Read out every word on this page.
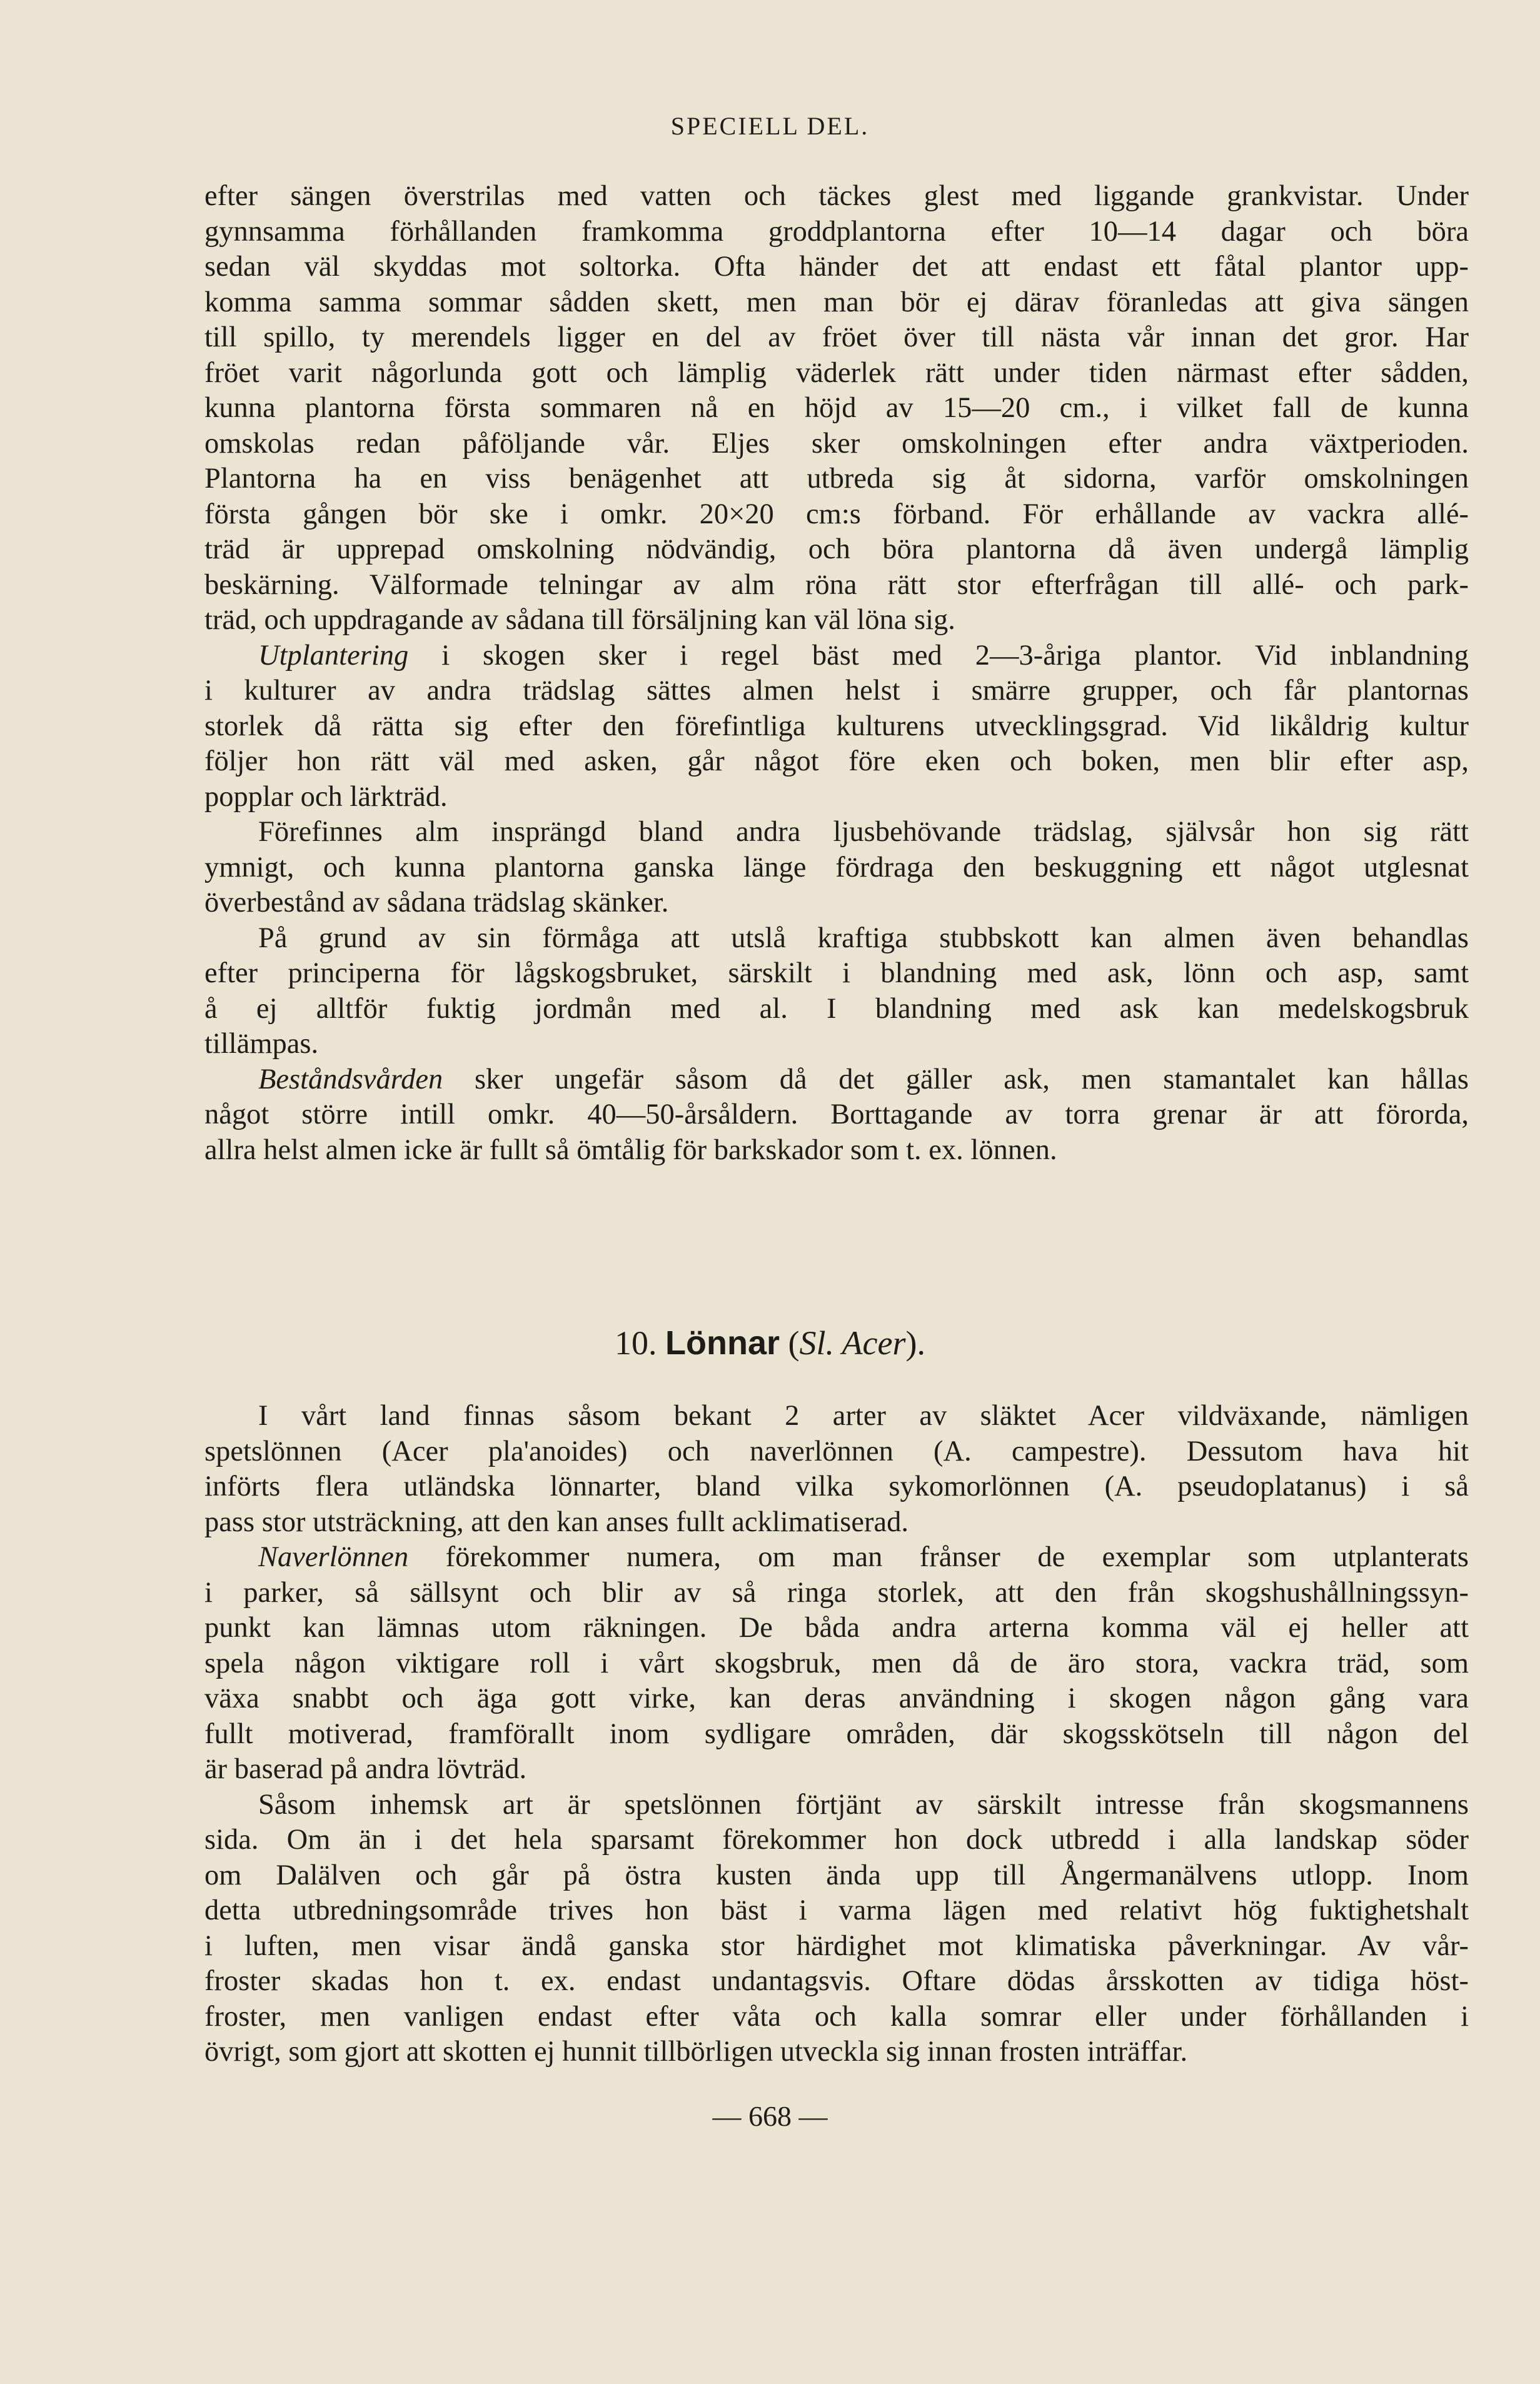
SPECIELL DEL.
efter sängen överstrilas med vatten och täckes glest med liggande grankvistar. Under
gynnsamma förhållanden framkomma groddplantorna efter 10—14 dagar och böra
sedan väl skyddas mot soltorka. Ofta händer det att endast ett fåtal plantor upp-
komma samma sommar sådden skett, men man bör ej därav föranledas att giva sängen
till spillo, ty merendels ligger en del av fröet över till nästa vår innan det gror. Har
fröet varit någorlunda gott och lämplig väderlek rätt under tiden närmast efter sådden,
kunna plantorna första sommaren nå en höjd av 15—20 cm., i vilket fall de kunna
omskolas redan påföljande vår. Eljes sker omskolningen efter andra växtperioden.
Plantorna ha en viss benägenhet att utbreda sig åt sidorna, varför omskolningen
första gången bör ske i omkr. 20×20 cm:s förband. För erhållande av vackra allé-
träd är upprepad omskolning nödvändig, och böra plantorna då även undergå lämplig
beskärning. Välformade telningar av alm röna rätt stor efterfrågan till allé- och park-
träd, och uppdragande av sådana till försäljning kan väl löna sig.
Utplantering i skogen sker i regel bäst med 2—3-åriga plantor. Vid inblandning
i kulturer av andra trädslag sättes almen helst i smärre grupper, och får plantornas
storlek då rätta sig efter den förefintliga kulturens utvecklingsgrad. Vid likåldrig kultur
följer hon rätt väl med asken, går något före eken och boken, men blir efter asp,
popplar och lärkträd.
Förefinnes alm insprängd bland andra ljusbehövande trädslag, självsår hon sig rätt
ymnigt, och kunna plantorna ganska länge fördraga den beskuggning ett något utglesnat
överbestånd av sådana trädslag skänker.
På grund av sin förmåga att utslå kraftiga stubbskott kan almen även behandlas
efter principerna för lågskogsbruket, särskilt i blandning med ask, lönn och asp, samt
å ej alltför fuktig jordmån med al. I blandning med ask kan medelskogsbruk
tillämpas.
Beståndsvården sker ungefär såsom då det gäller ask, men stamantalet kan hållas
något större intill omkr. 40—50-årsåldern. Borttagande av torra grenar är att förorda,
allra helst almen icke är fullt så ömtålig för barkskador som t. ex. lönnen.
10. Lönnar (Sl. Acer).
I vårt land finnas såsom bekant 2 arter av släktet Acer vildväxande, nämligen
spetslönnen (Acer pla'anoides) och naverlönnen (A. campestre). Dessutom hava hit
införts flera utländska lönnarter, bland vilka sykomorlönnen (A. pseudoplatanus) i så
pass stor utsträckning, att den kan anses fullt acklimatiserad.
Naverlönnen förekommer numera, om man frånser de exemplar som utplanterats
i parker, så sällsynt och blir av så ringa storlek, att den från skogshushållningssyn-
punkt kan lämnas utom räkningen. De båda andra arterna komma väl ej heller att
spela någon viktigare roll i vårt skogsbruk, men då de äro stora, vackra träd, som
växa snabbt och äga gott virke, kan deras användning i skogen någon gång vara
fullt motiverad, framförallt inom sydligare områden, där skogsskötseln till någon del
är baserad på andra lövträd.
Såsom inhemsk art är spetslönnen förtjänt av särskilt intresse från skogsmannens
sida. Om än i det hela sparsamt förekommer hon dock utbredd i alla landskap söder
om Dalälven och går på östra kusten ända upp till Ångermanälvens utlopp. Inom
detta utbredningsområde trives hon bäst i varma lägen med relativt hög fuktighetshalt
i luften, men visar ändå ganska stor härdighet mot klimatiska påverkningar. Av vår-
froster skadas hon t. ex. endast undantagsvis. Oftare dödas årsskotten av tidiga höst-
froster, men vanligen endast efter våta och kalla somrar eller under förhållanden i
övrigt, som gjort att skotten ej hunnit tillbörligen utveckla sig innan frosten inträffar.
— 668 —
